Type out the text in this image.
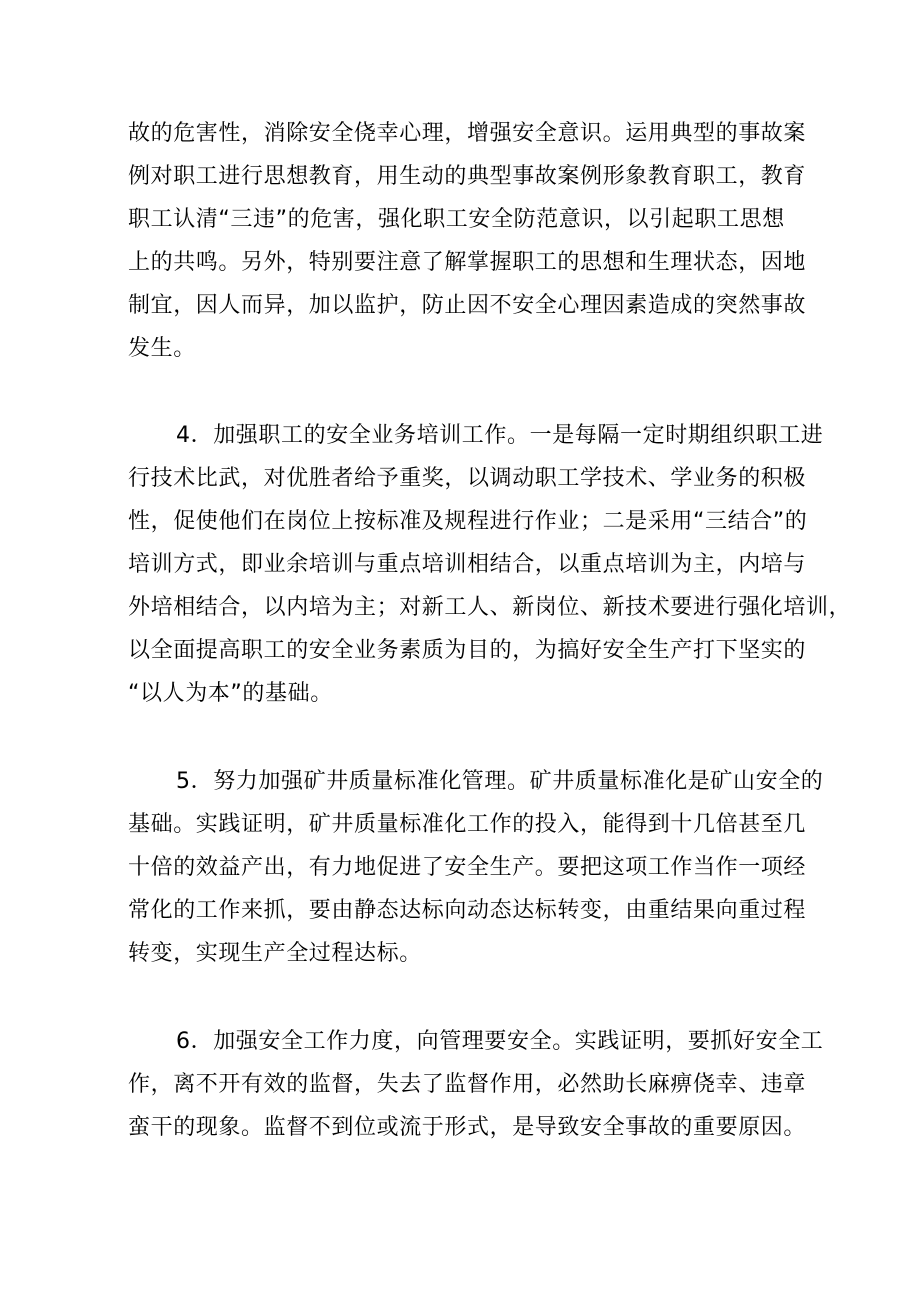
故的危害性，消除安全侥幸心理，增强安全意识。运用典型的事故案
例对职工进行思想教育，用生动的典型事故案例形象教育职工，教育
职工认清“三违”的危害，强化职工安全防范意识，以引起职工思想
上的共鸣。另外，特别要注意了解掌握职工的思想和生理状态，因地
制宜，因人而异，加以监护，防止因不安全心理因素造成的突然事故
发生。
4．加强职工的安全业务培训工作。一是每隔一定时期组织职工进
行技术比武，对优胜者给予重奖，以调动职工学技术、学业务的积极
性，促使他们在岗位上按标准及规程进行作业；二是采用“三结合”的
培训方式，即业余培训与重点培训相结合，以重点培训为主，内培与
外培相结合，以内培为主；对新工人、新岗位、新技术要进行强化培训，
以全面提高职工的安全业务素质为目的，为搞好安全生产打下坚实的
“以人为本”的基础。
5．努力加强矿井质量标准化管理。矿井质量标准化是矿山安全的
基础。实践证明，矿井质量标准化工作的投入，能得到十几倍甚至几
十倍的效益产出，有力地促进了安全生产。要把这项工作当作一项经
常化的工作来抓，要由静态达标向动态达标转变，由重结果向重过程
转变，实现生产全过程达标。
6．加强安全工作力度，向管理要安全。实践证明，要抓好安全工
作，离不开有效的监督，失去了监督作用，必然助长麻痹侥幸、违章
蛮干的现象。监督不到位或流于形式，是导致安全事故的重要原因。
